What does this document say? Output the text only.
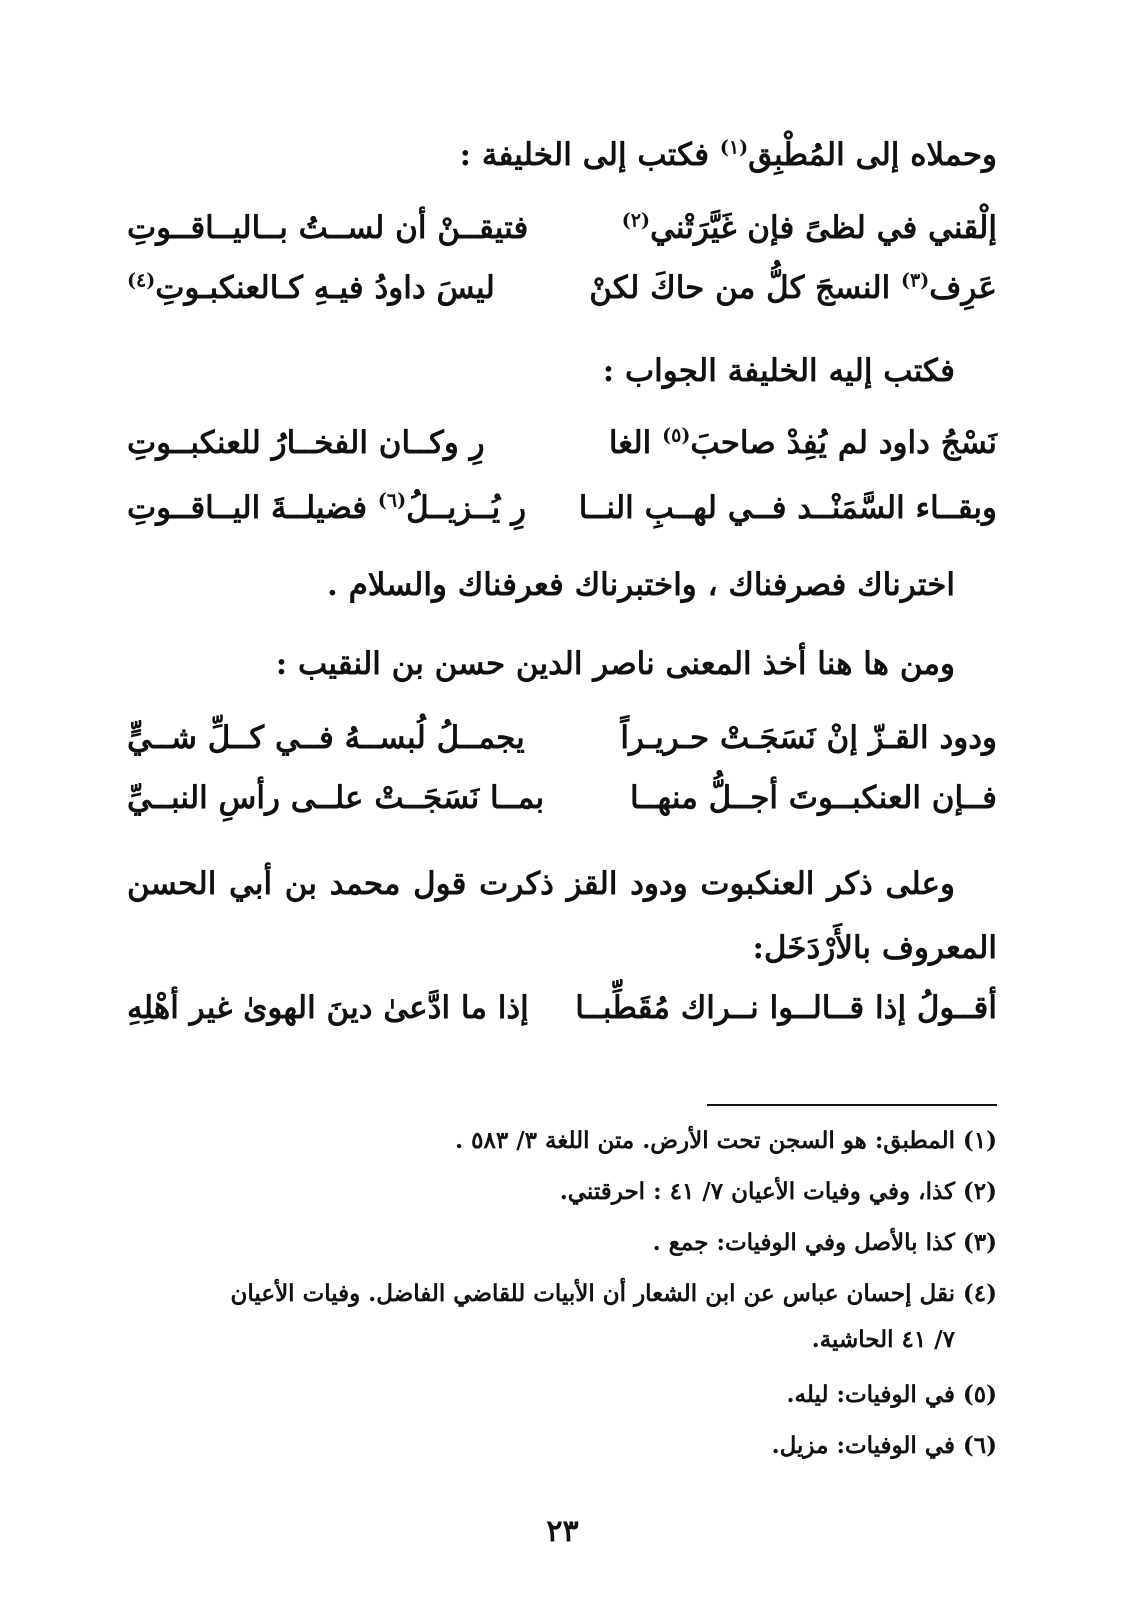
وحملاه إلى المُطْبِق$^{(١)}$ فكتب إلى الخليفة :
إلْقني في لظىً فإن غَيَّرَتْني$^{(٢)}$
فتيقــنْ أن لســتُ بــاليــاقــوتِ
عَرِف$^{(٣)}$ النسجَ كلُّ من حاكَ لكنْ
ليسَ داودُ فيـهِ كـالعنكبـوتِ$^{(٤)}$
فكتب إليه الخليفة الجواب :
نَسْجُ داود لم يُفِدْ صاحبَ$^{(٥)}$ الغا
رِ وكــان الفخــارُ للعنكبــوتِ
وبقــاء السَّمَنْــد فــي لهــبِ النــا
رِ يُــزيــلُ$^{(٦)}$ فضيلــةَ اليــاقــوتِ
اخترناك فصرفناك ، واختبرناك فعرفناك والسلام .
ومن ها هنا أخذ المعنى ناصر الدين حسن بن النقيب :
ودود القـزّ إنْ نَسَجَـتْ حـريـراً
يجمــلُ لُبســهُ فــي كــلِّ شــيٍّ
فــإن العنكبــوتَ أجــلُّ منهــا
بمــا نَسَجَــتْ علــى رأسِ النبــيِّ
وعلى ذكر العنكبوت ودود القز ذكرت قول محمد بن أبي الحسن المعروف بالأَرْدَخَل:
أقــولُ إذا قــالــوا نــراك مُقَطِّبــا
إذا ما ادَّعىٰ دينَ الهوىٰ غير أهْلِهِ
(١)المطبق: هو السجن تحت الأرض. متن اللغة ٣/ ٥٨٣ .
(٢)كذا، وفي وفيات الأعيان ٧/ ٤١ : احرقتني.
(٣)كذا بالأصل وفي الوفيات: جمع .
(٤)نقل إحسان عباس عن ابن الشعار أن الأبيات للقاضي الفاضل. وفيات الأعيان
٧/ ٤١ الحاشية.
(٥)في الوفيات: ليله.
(٦)في الوفيات: مزيل.
٢٣
